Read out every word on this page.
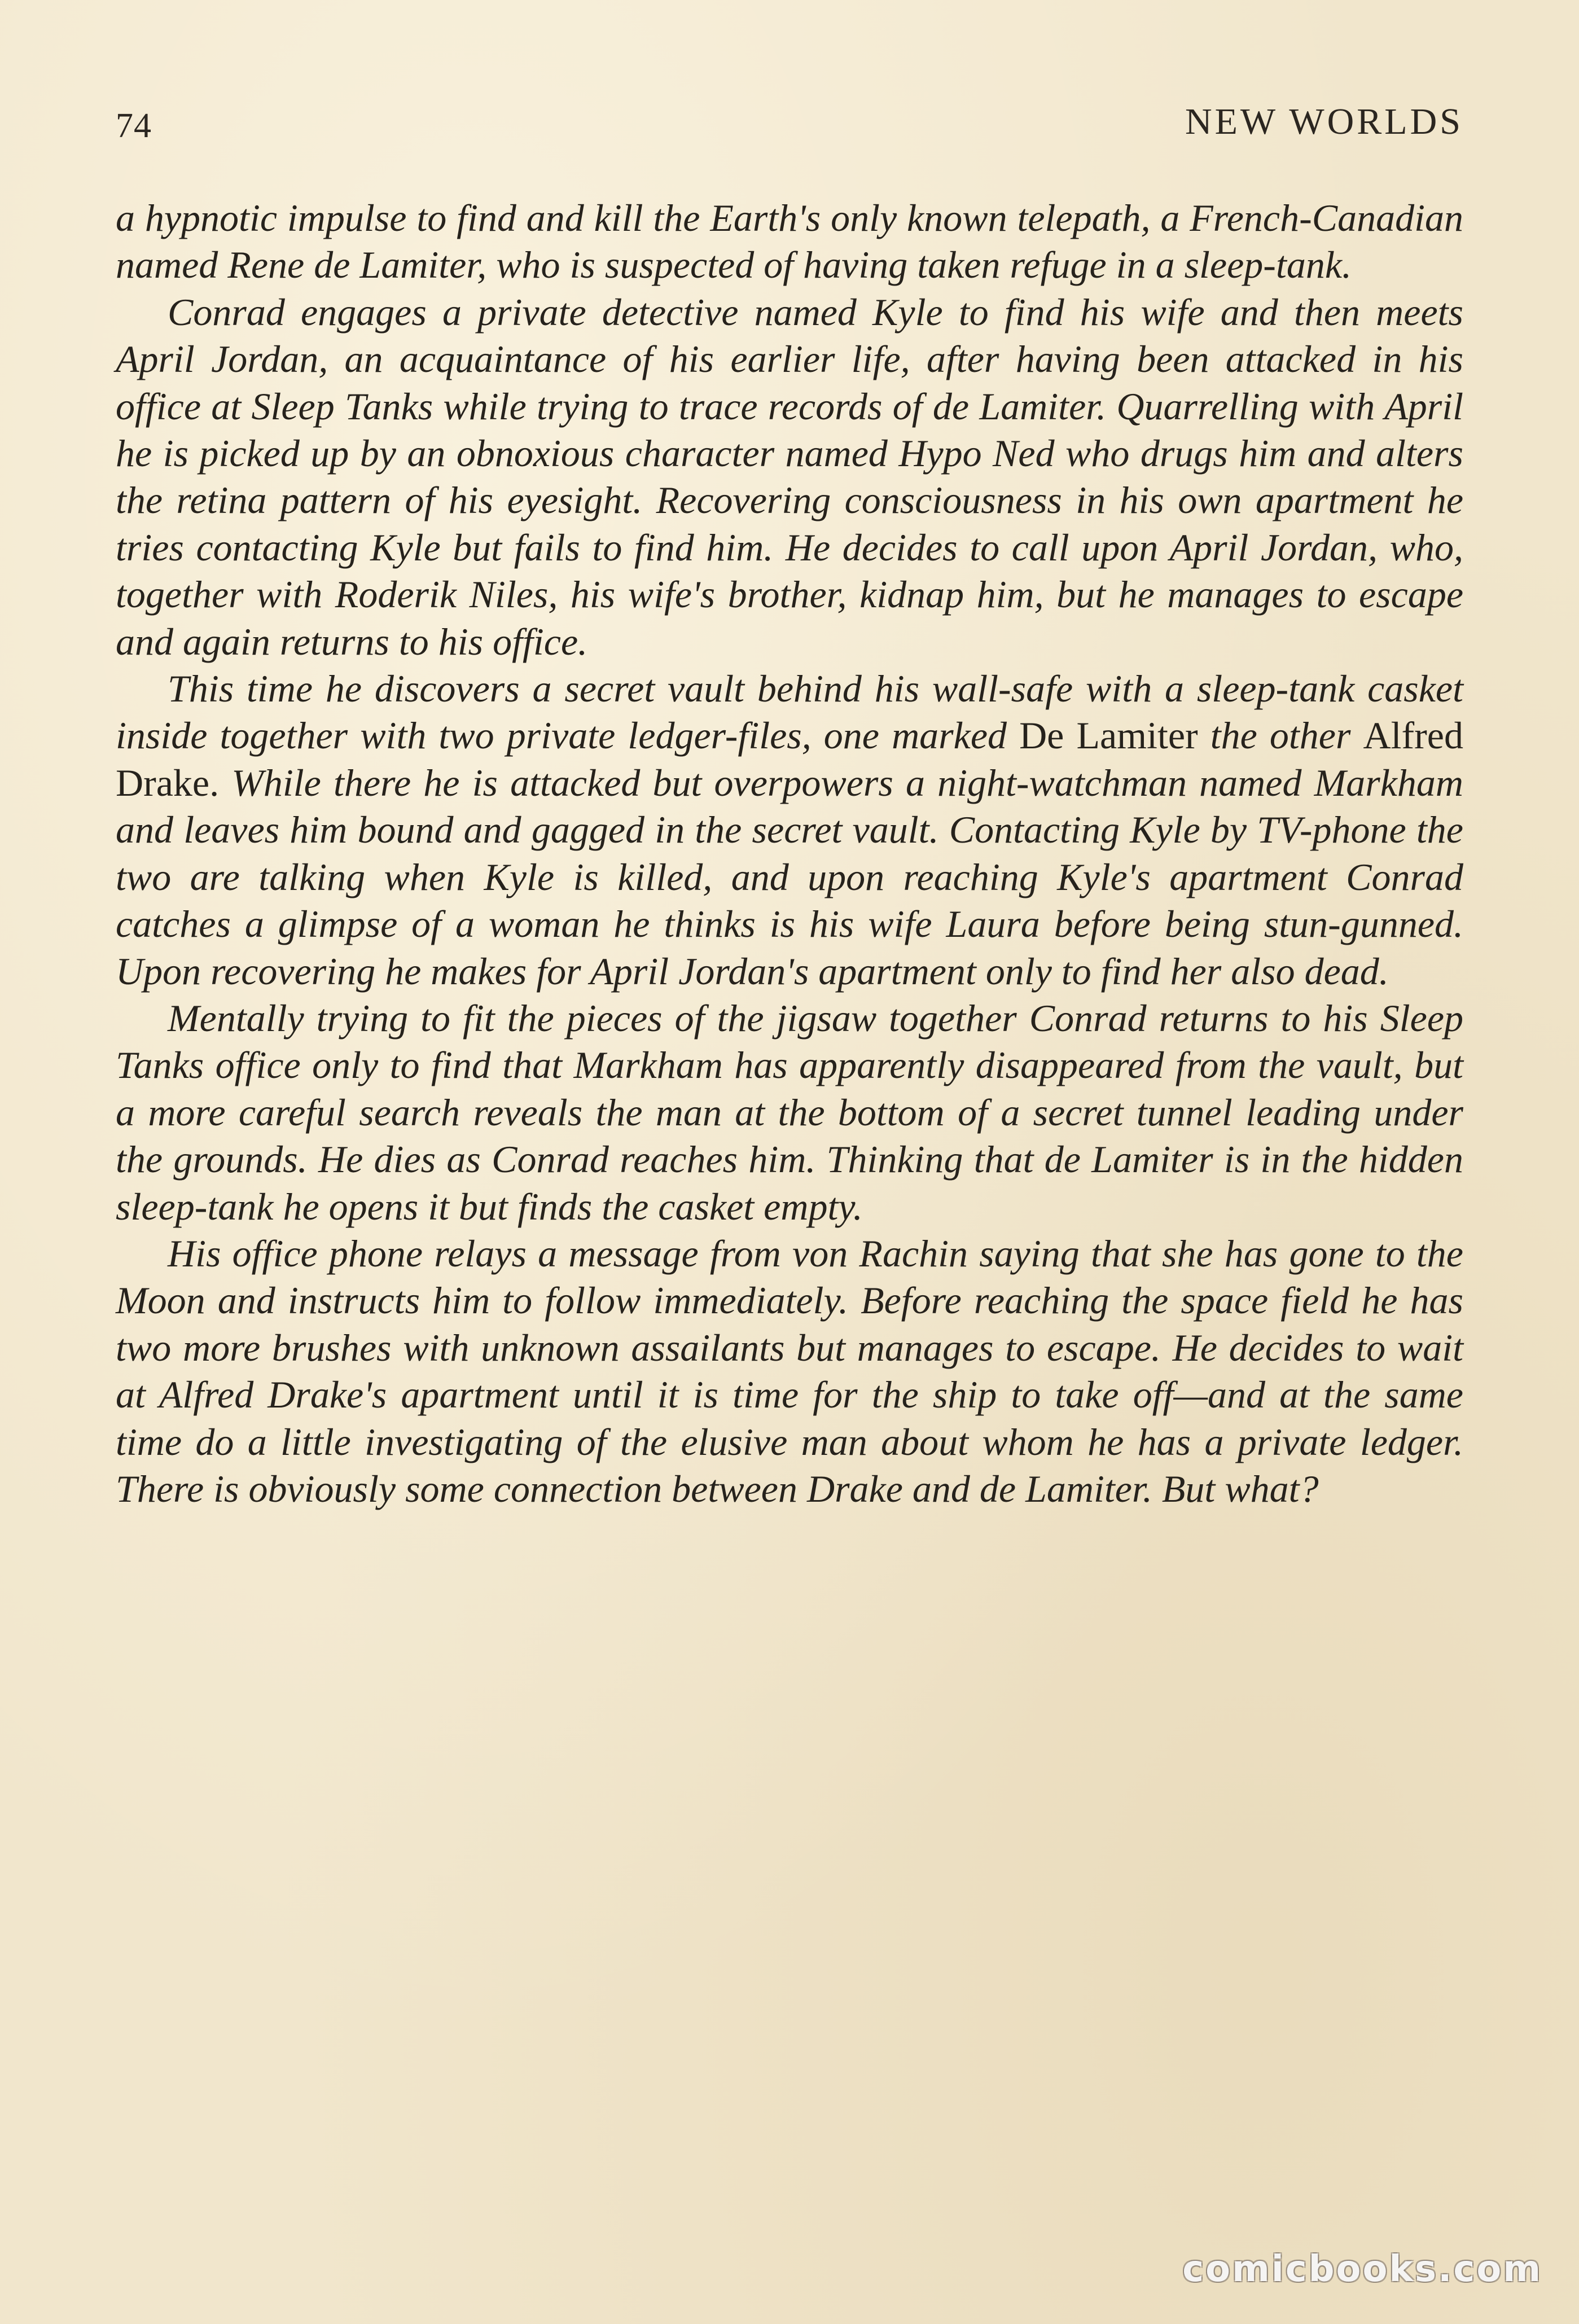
74	NEW WORLDS

a hypnotic impulse to find and kill the Earth's only known telepath, a French-Canadian named Rene de Lamiter, who is suspected of having taken refuge in a sleep-tank.

Conrad engages a private detective named Kyle to find his wife and then meets April Jordan, an acquaintance of his earlier life, after having been attacked in his office at Sleep Tanks while trying to trace records of de Lamiter. Quarrelling with April he is picked up by an obnoxious character named Hypo Ned who drugs him and alters the retina pattern of his eyesight. Recovering consciousness in his own apartment he tries contacting Kyle but fails to find him. He decides to call upon April Jordan, who, together with Roderik Niles, his wife's brother, kidnap him, but he manages to escape and again returns to his office.

This time he discovers a secret vault behind his wall-safe with a sleep-tank casket inside together with two private ledger-files, one marked De Lamiter the other Alfred Drake. While there he is attacked but overpowers a night-watchman named Markham and leaves him bound and gagged in the secret vault. Contacting Kyle by TV-phone the two are talking when Kyle is killed, and upon reaching Kyle's apartment Conrad catches a glimpse of a woman he thinks is his wife Laura before being stun-gunned. Upon recovering he makes for April Jordan's apartment only to find her also dead.

Mentally trying to fit the pieces of the jigsaw together Conrad returns to his Sleep Tanks office only to find that Markham has apparently disappeared from the vault, but a more careful search reveals the man at the bottom of a secret tunnel leading under the grounds. He dies as Conrad reaches him. Thinking that de Lamiter is in the hidden sleep-tank he opens it but finds the casket empty.

His office phone relays a message from von Rachin saying that she has gone to the Moon and instructs him to follow immediately. Before reaching the space field he has two more brushes with unknown assailants but manages to escape. He decides to wait at Alfred Drake's apartment until it is time for the ship to take off—and at the same time do a little investigating of the elusive man about whom he has a private ledger. There is obviously some connection between Drake and de Lamiter. But what?

comicbooks.com
